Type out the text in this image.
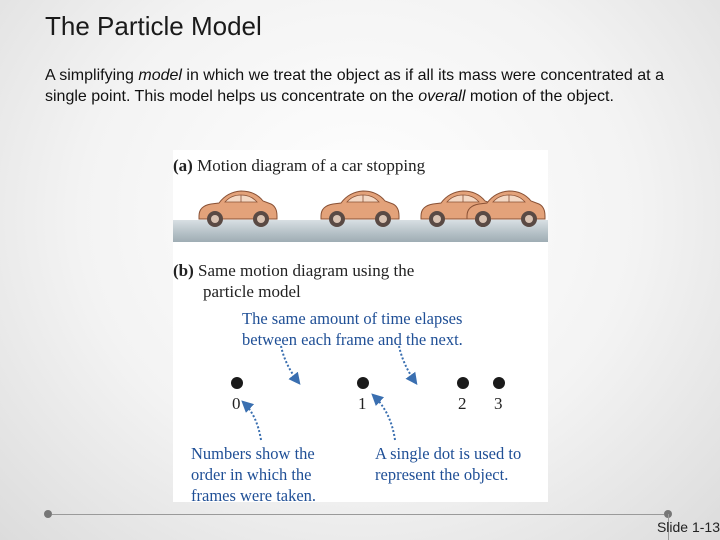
The Particle Model
A simplifying model in which we treat the object as if all its mass were concentrated at a single point. This model helps us concentrate on the overall motion of the object.
(a) Motion diagram of a car stopping
(b) Same motion diagram using the
particle model
The same amount of time elapses
between each frame and the next.
0	1	2 3
Numbers show the
order in which the
frames were taken.
A single dot is used to
represent the object.
Slide 1-13
